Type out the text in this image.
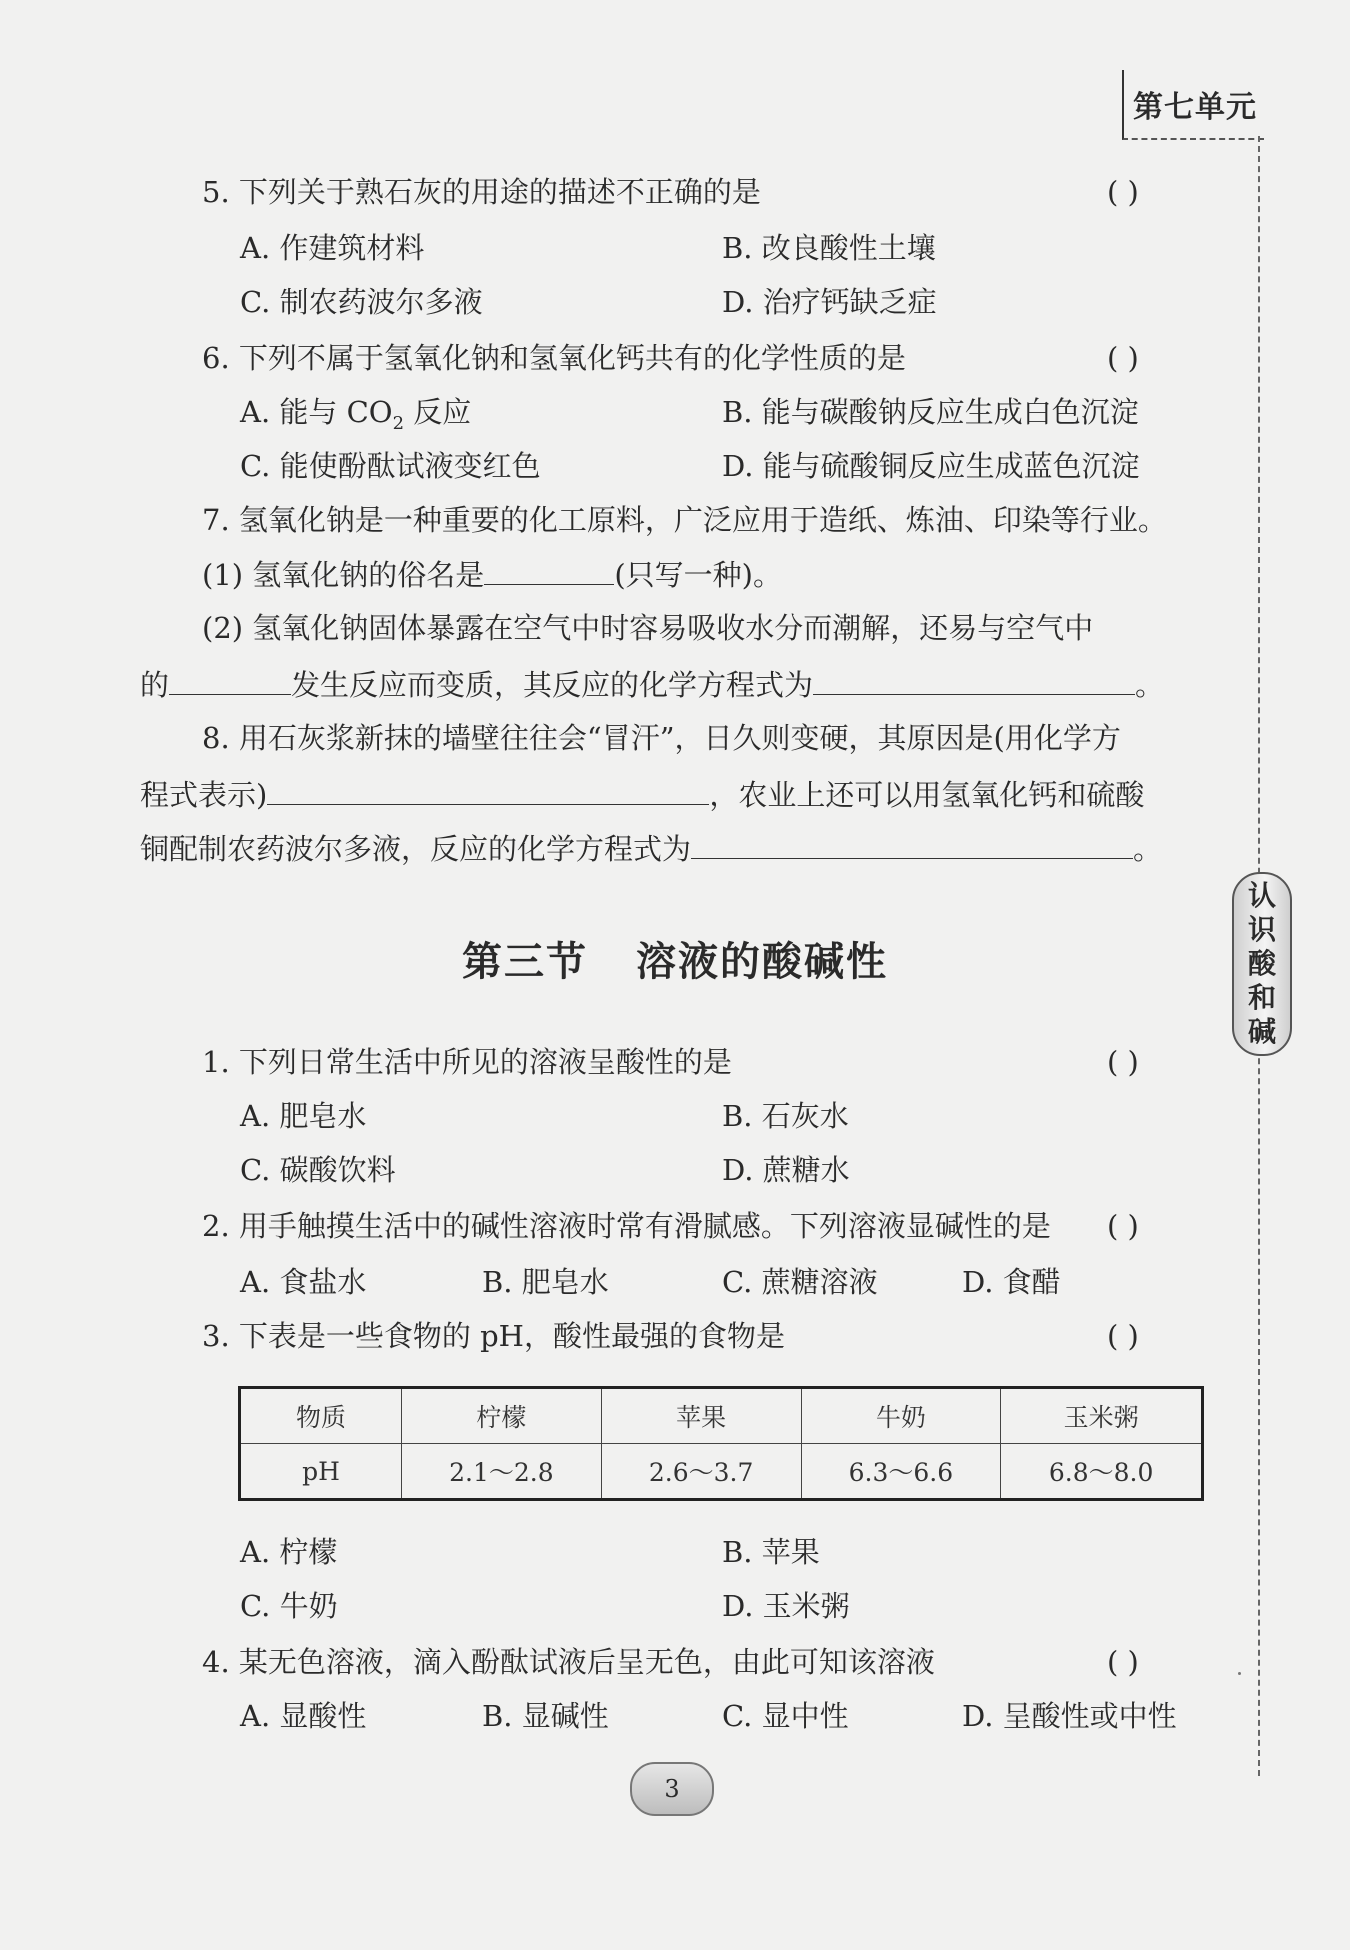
第七单元
认
识
酸
和
碱
5. 下列关于熟石灰的用途的描述不正确的是	( )
A. 作建筑材料	B. 改良酸性土壤
C. 制农药波尔多液	D. 治疗钙缺乏症
6. 下列不属于氢氧化钠和氢氧化钙共有的化学性质的是	( )
A. 能与 $CO_2$ 反应	B. 能与碳酸钠反应生成白色沉淀
C. 能使酚酞试液变红色	D. 能与硫酸铜反应生成蓝色沉淀
7. 氢氧化钠是一种重要的化工原料，广泛应用于造纸、炼油、印染等行业。
(1) 氢氧化钠的俗名是	(只写一种)。
(2) 氢氧化钠固体暴露在空气中时容易吸收水分而潮解，还易与空气中
的	发生反应而变质，其反应的化学方程式为	。
8. 用石灰浆新抹的墙壁往往会“冒汗”，日久则变硬，其原因是(用化学方
程式表示)	，农业上还可以用氢氧化钙和硫酸
铜配制农药波尔多液，反应的化学方程式为	。
第三节 溶液的酸碱性
1. 下列日常生活中所见的溶液呈酸性的是	( )
A. 肥皂水	B. 石灰水
C. 碳酸饮料	D. 蔗糖水
2. 用手触摸生活中的碱性溶液时常有滑腻感。下列溶液显碱性的是 ( )
A. 食盐水	B. 肥皂水	C. 蔗糖溶液	D. 食醋
3. 下表是一些食物的 pH，酸性最强的食物是	( )
物质	柠檬	苹果	牛奶	玉米粥
pH	2.1～2.8	2.6～3.7	6.3～6.6	6.8～8.0
A. 柠檬	B. 苹果
C. 牛奶	D. 玉米粥
4. 某无色溶液，滴入酚酞试液后呈无色，由此可知该溶液	( )
A. 显酸性	B. 显碱性	C. 显中性	D. 呈酸性或中性
3
